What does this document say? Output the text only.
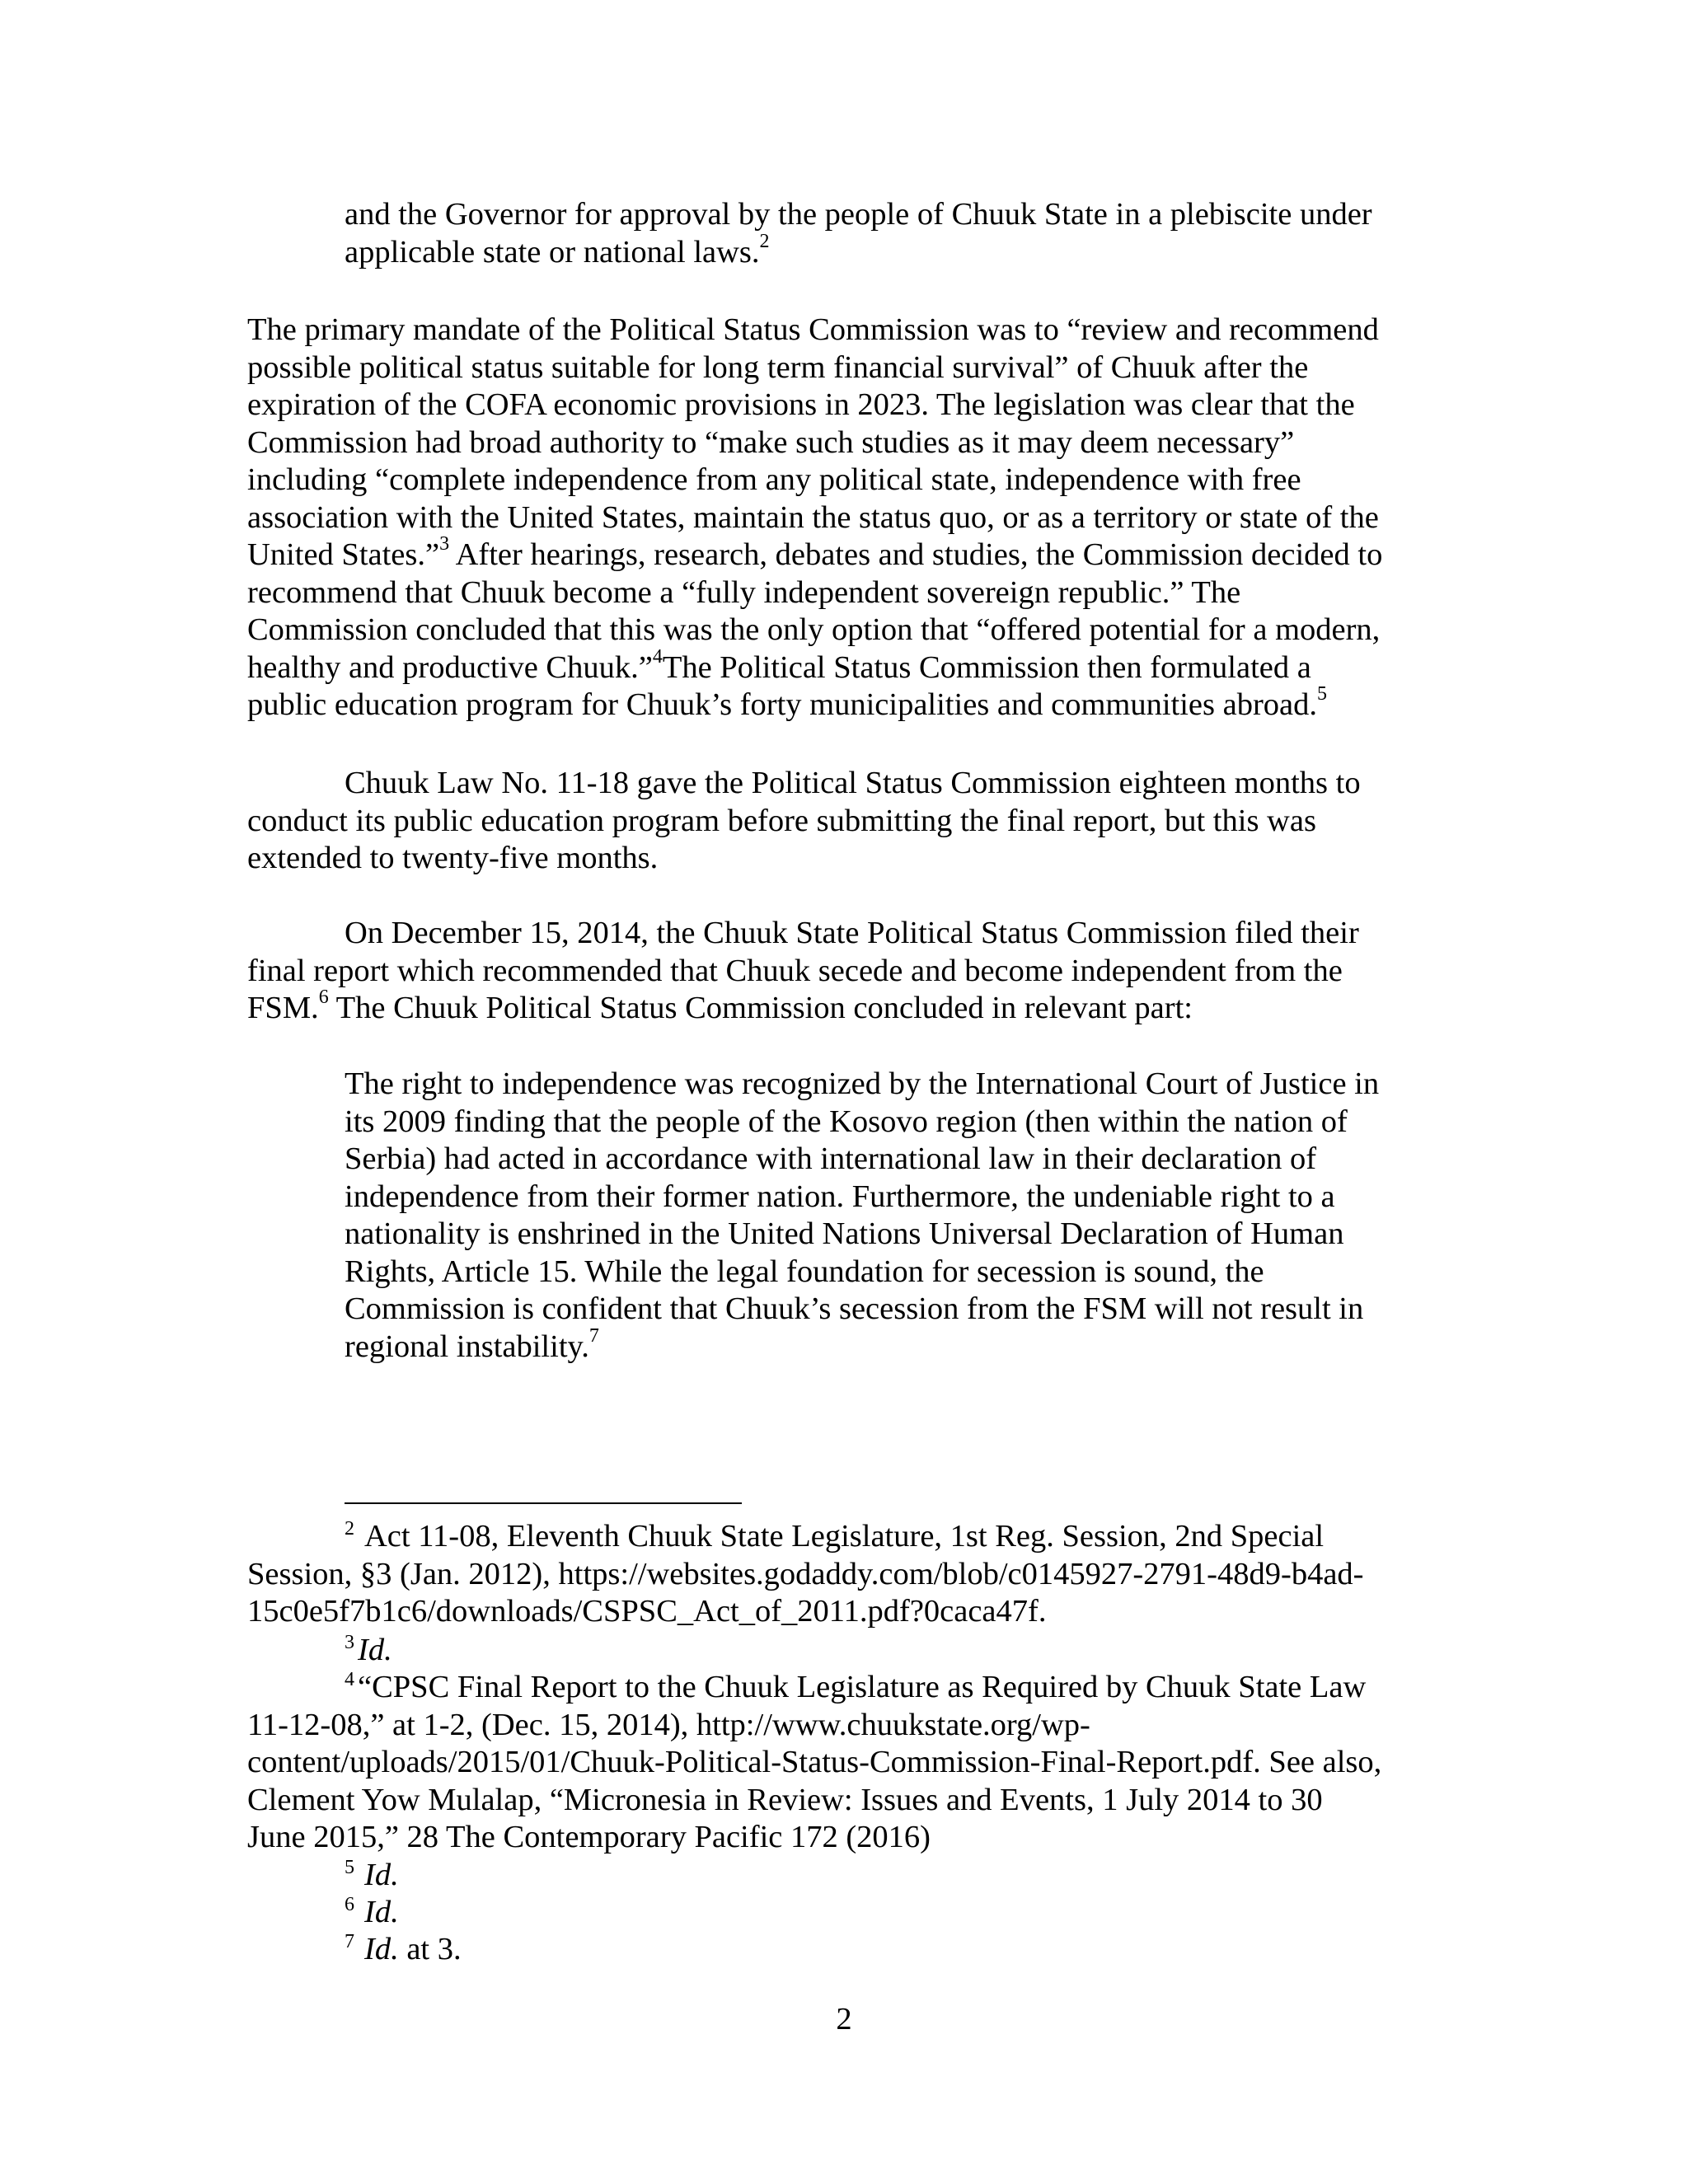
and the Governor for approval by the people of Chuuk State in a plebiscite under
applicable state or national laws.$^2$
The primary mandate of the Political Status Commission was to “review and recommend
possible political status suitable for long term financial survival” of Chuuk after the
expiration of the COFA economic provisions in 2023. The legislation was clear that the
Commission had broad authority to “make such studies as it may deem necessary”
including “complete independence from any political state, independence with free
association with the United States, maintain the status quo, or as a territory or state of the
United States.”$^3$ After hearings, research, debates and studies, the Commission decided to
recommend that Chuuk become a “fully independent sovereign republic.” The
Commission concluded that this was the only option that “offered potential for a modern,
healthy and productive Chuuk.”$^4$The Political Status Commission then formulated a
public education program for Chuuk’s forty municipalities and communities abroad.$^5$
Chuuk Law No. 11-18 gave the Political Status Commission eighteen months to
conduct its public education program before submitting the final report, but this was
extended to twenty-five months.
On December 15, 2014, the Chuuk State Political Status Commission filed their
final report which recommended that Chuuk secede and become independent from the
FSM.$^6$ The Chuuk Political Status Commission concluded in relevant part:
The right to independence was recognized by the International Court of Justice in
its 2009 finding that the people of the Kosovo region (then within the nation of
Serbia) had acted in accordance with international law in their declaration of
independence from their former nation. Furthermore, the undeniable right to a
nationality is enshrined in the United Nations Universal Declaration of Human
Rights, Article 15. While the legal foundation for secession is sound, the
Commission is confident that Chuuk’s secession from the FSM will not result in
regional instability.$^7$
$^2$ Act 11-08, Eleventh Chuuk State Legislature, 1st Reg. Session, 2nd Special
Session, §3 (Jan. 2012), https://websites.godaddy.com/blob/c0145927-2791-48d9-b4ad-
15c0e5f7b1c6/downloads/CSPSC_Act_of_2011.pdf?0caca47f.
$^3$ Id.
$^4$ “CPSC Final Report to the Chuuk Legislature as Required by Chuuk State Law
11-12-08,” at 1-2, (Dec. 15, 2014), http://www.chuukstate.org/wp-
content/uploads/2015/01/Chuuk-Political-Status-Commission-Final-Report.pdf. See also,
Clement Yow Mulalap, “Micronesia in Review: Issues and Events, 1 July 2014 to 30
June 2015,” 28 The Contemporary Pacific 172 (2016)
$^5$ Id.
$^6$ Id.
$^7$ Id. at 3.
2
